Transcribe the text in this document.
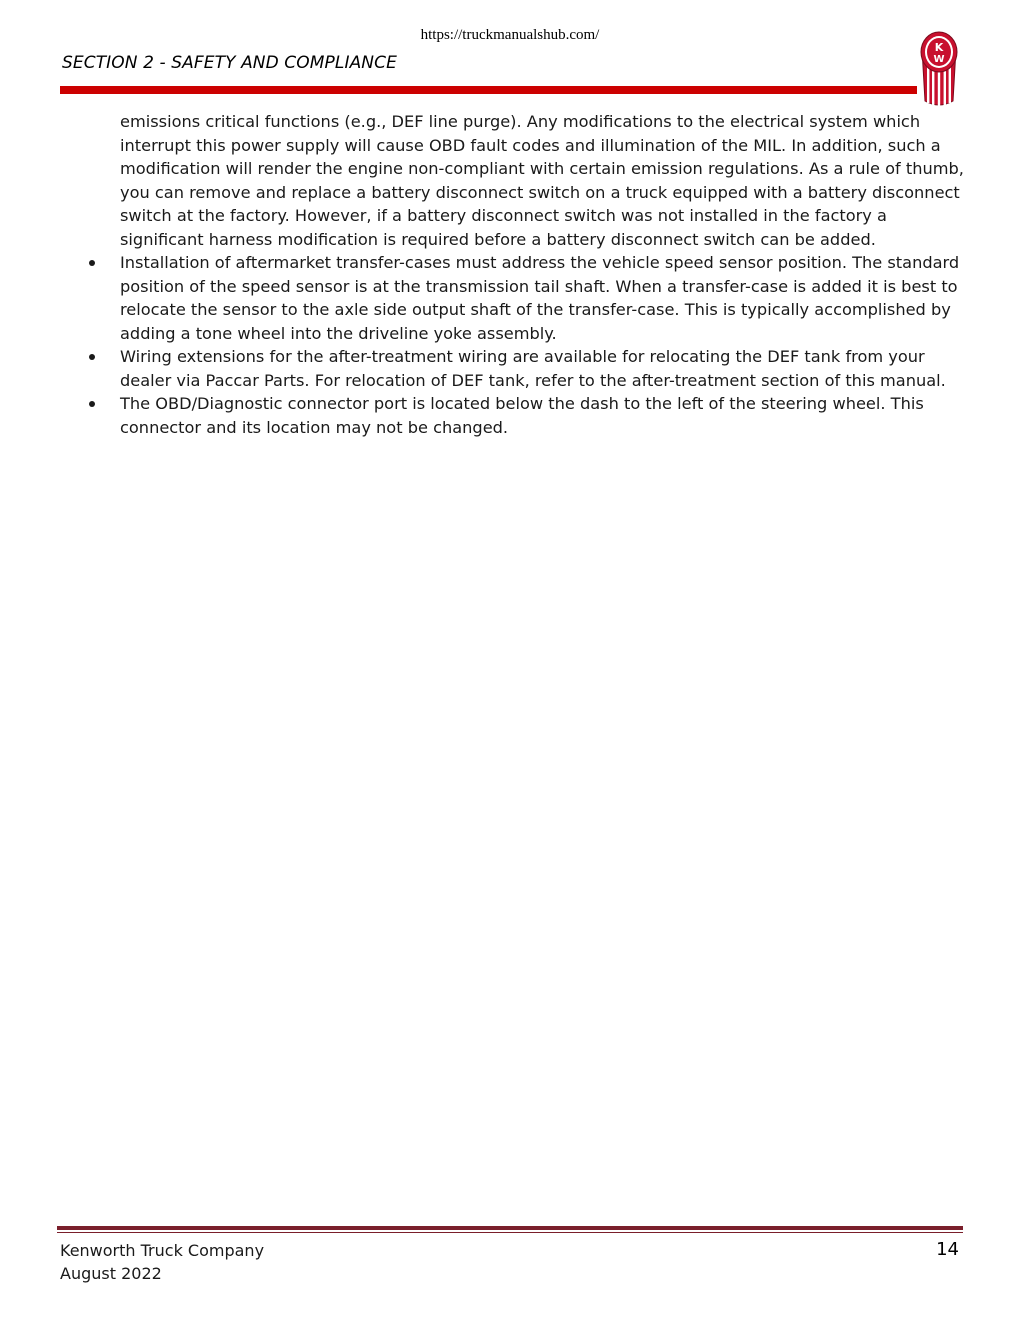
https://truckmanualshub.com/
SECTION 2 - SAFETY AND COMPLIANCE
K
W

emissions critical functions (e.g., DEF line purge). Any modifications to the electrical system which interrupt this power supply will cause OBD fault codes and illumination of the MIL. In addition, such a modification will render the engine non-compliant with certain emission regulations. As a rule of thumb, you can remove and replace a battery disconnect switch on a truck equipped with a battery disconnect switch at the factory. However, if a battery disconnect switch was not installed in the factory a significant harness modification is required before a battery disconnect switch can be added.

Installation of aftermarket transfer-cases must address the vehicle speed sensor position. The standard position of the speed sensor is at the transmission tail shaft. When a transfer-case is added it is best to relocate the sensor to the axle side output shaft of the transfer-case. This is typically accomplished by adding a tone wheel into the driveline yoke assembly.
Wiring extensions for the after-treatment wiring are available for relocating the DEF tank from your dealer via Paccar Parts. For relocation of DEF tank, refer to the after-treatment section of this manual.
The OBD/Diagnostic connector port is located below the dash to the left of the steering wheel. This connector and its location may not be changed.
Kenworth Truck Company
August 2022
14
